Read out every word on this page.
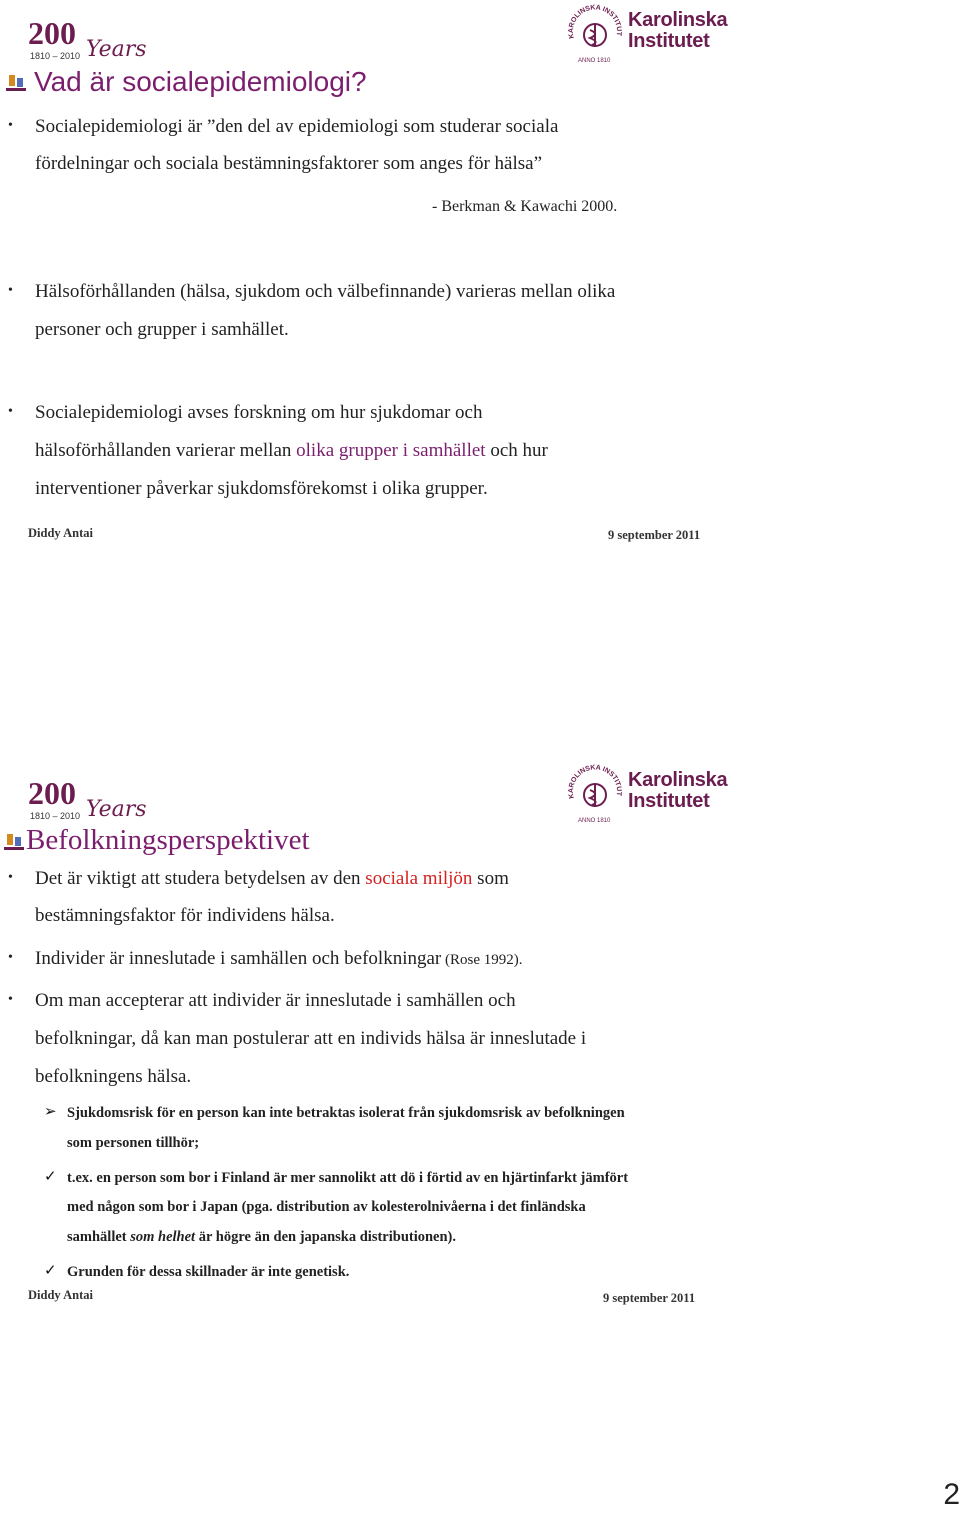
200 Years
1810 – 2010
KAROLINSKA INSTITUT
ANNO 1810
Karolinska
Institutet
Vad är socialepidemiologi?
• Socialepidemiologi är ”den del av epidemiologi som studerar sociala
fördelningar och sociala bestämningsfaktorer som anges för hälsa”
- Berkman & Kawachi 2000.
• Hälsoförhållanden (hälsa, sjukdom och välbefinnande) varieras mellan olika
personer och grupper i samhället.
• Socialepidemiologi avses forskning om hur sjukdomar och
hälsoförhållanden varierar mellan olika grupper i samhället och hur
interventioner påverkar sjukdomsförekomst i olika grupper.
Diddy Antai	9 september 2011
200 Years
1810 – 2010
KAROLINSKA INSTITUT
ANNO 1810
Karolinska
Institutet
Befolkningsperspektivet
• Det är viktigt att studera betydelsen av den sociala miljön som
bestämningsfaktor för individens hälsa.
• Individer är inneslutade i samhällen och befolkningar (Rose 1992).
• Om man accepterar att individer är inneslutade i samhällen och
befolkningar, då kan man postulerar att en individs hälsa är inneslutade i
befolkningens hälsa.
➢ Sjukdomsrisk för en person kan inte betraktas isolerat från sjukdomsrisk av befolkningen
som personen tillhör;
✓ t.ex. en person som bor i Finland är mer sannolikt att dö i förtid av en hjärtinfarkt jämfört
med någon som bor i Japan (pga. distribution av kolesterolnivåerna i det finländska
samhället som helhet är högre än den japanska distributionen).
✓ Grunden för dessa skillnader är inte genetisk.
Diddy Antai	9 september 2011
2
